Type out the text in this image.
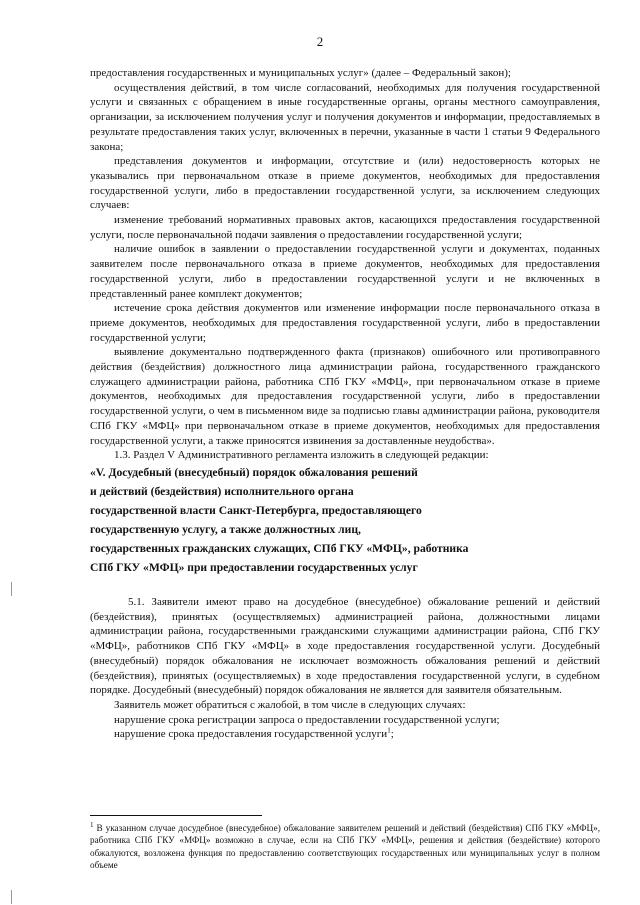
2

предоставления государственных и муниципальных услуг» (далее – Федеральный закон);

осуществления действий, в том числе согласований, необходимых для получения государственной услуги и связанных с обращением в иные государственные органы, органы местного самоуправления, организации, за исключением получения услуг и получения документов и информации, предоставляемых в результате предоставления таких услуг, включенных в перечни, указанные в части 1 статьи 9 Федерального закона;

представления документов и информации, отсутствие и (или) недостоверность которых не указывались при первоначальном отказе в приеме документов, необходимых для предоставления государственной услуги, либо в предоставлении государственной услуги, за исключением следующих случаев:

изменение требований нормативных правовых актов, касающихся предоставления государственной услуги, после первоначальной подачи заявления о предоставлении государственной услуги;

наличие ошибок в заявлении о предоставлении государственной услуги и документах, поданных заявителем после первоначального отказа в приеме документов, необходимых для предоставления государственной услуги, либо в предоставлении государственной услуги и не включенных в представленный ранее комплект документов;

истечение срока действия документов или изменение информации после первоначального отказа в приеме документов, необходимых для предоставления государственной услуги, либо в предоставлении государственной услуги;

выявление документально подтвержденного факта (признаков) ошибочного или противоправного действия (бездействия) должностного лица администрации района, государственного гражданского служащего администрации района, работника СПб ГКУ «МФЦ», при первоначальном отказе в приеме документов, необходимых для предоставления государственной услуги, либо в предоставлении государственной услуги, о чем в письменном виде за подписью главы администрации района, руководителя СПб ГКУ «МФЦ» при первоначальном отказе в приеме документов, необходимых для предоставления государственной услуги, а также приносятся извинения за доставленные неудобства».

1.3. Раздел V Административного регламента изложить в следующей редакции:

«V. Досудебный (внесудебный) порядок обжалования решений

и действий (бездействия) исполнительного органа

государственной власти Санкт-Петербурга, предоставляющего

государственную услугу, а также должностных лиц,

государственных гражданских служащих, СПб ГКУ «МФЦ», работника

СПб ГКУ «МФЦ» при предоставлении государственных услуг

5.1. Заявители имеют право на досудебное (внесудебное) обжалование решений и действий (бездействия), принятых (осуществляемых) администрацией района, должностными лицами администрации района, государственными гражданскими служащими администрации района, СПб ГКУ «МФЦ», работников СПб ГКУ «МФЦ» в ходе предоставления государственной услуги. Досудебный (внесудебный) порядок обжалования не исключает возможность обжалования решений и действий (бездействия), принятых (осуществляемых) в ходе предоставления государственной услуги, в судебном порядке. Досудебный (внесудебный) порядок обжалования не является для заявителя обязательным.

Заявитель может обратиться с жалобой, в том числе в следующих случаях:

нарушение срока регистрации запроса о предоставлении государственной услуги;

нарушение срока предоставления государственной услуги$^1$;

$^1$ В указанном случае досудебное (внесудебное) обжалование заявителем решений и действий (бездействия) СПб ГКУ «МФЦ», работника СПб ГКУ «МФЦ» возможно в случае, если на СПб ГКУ «МФЦ», решения и действия (бездействие) которого обжалуются, возложена функция по предоставлению соответствующих государственных или муниципальных услуг в полном объеме
